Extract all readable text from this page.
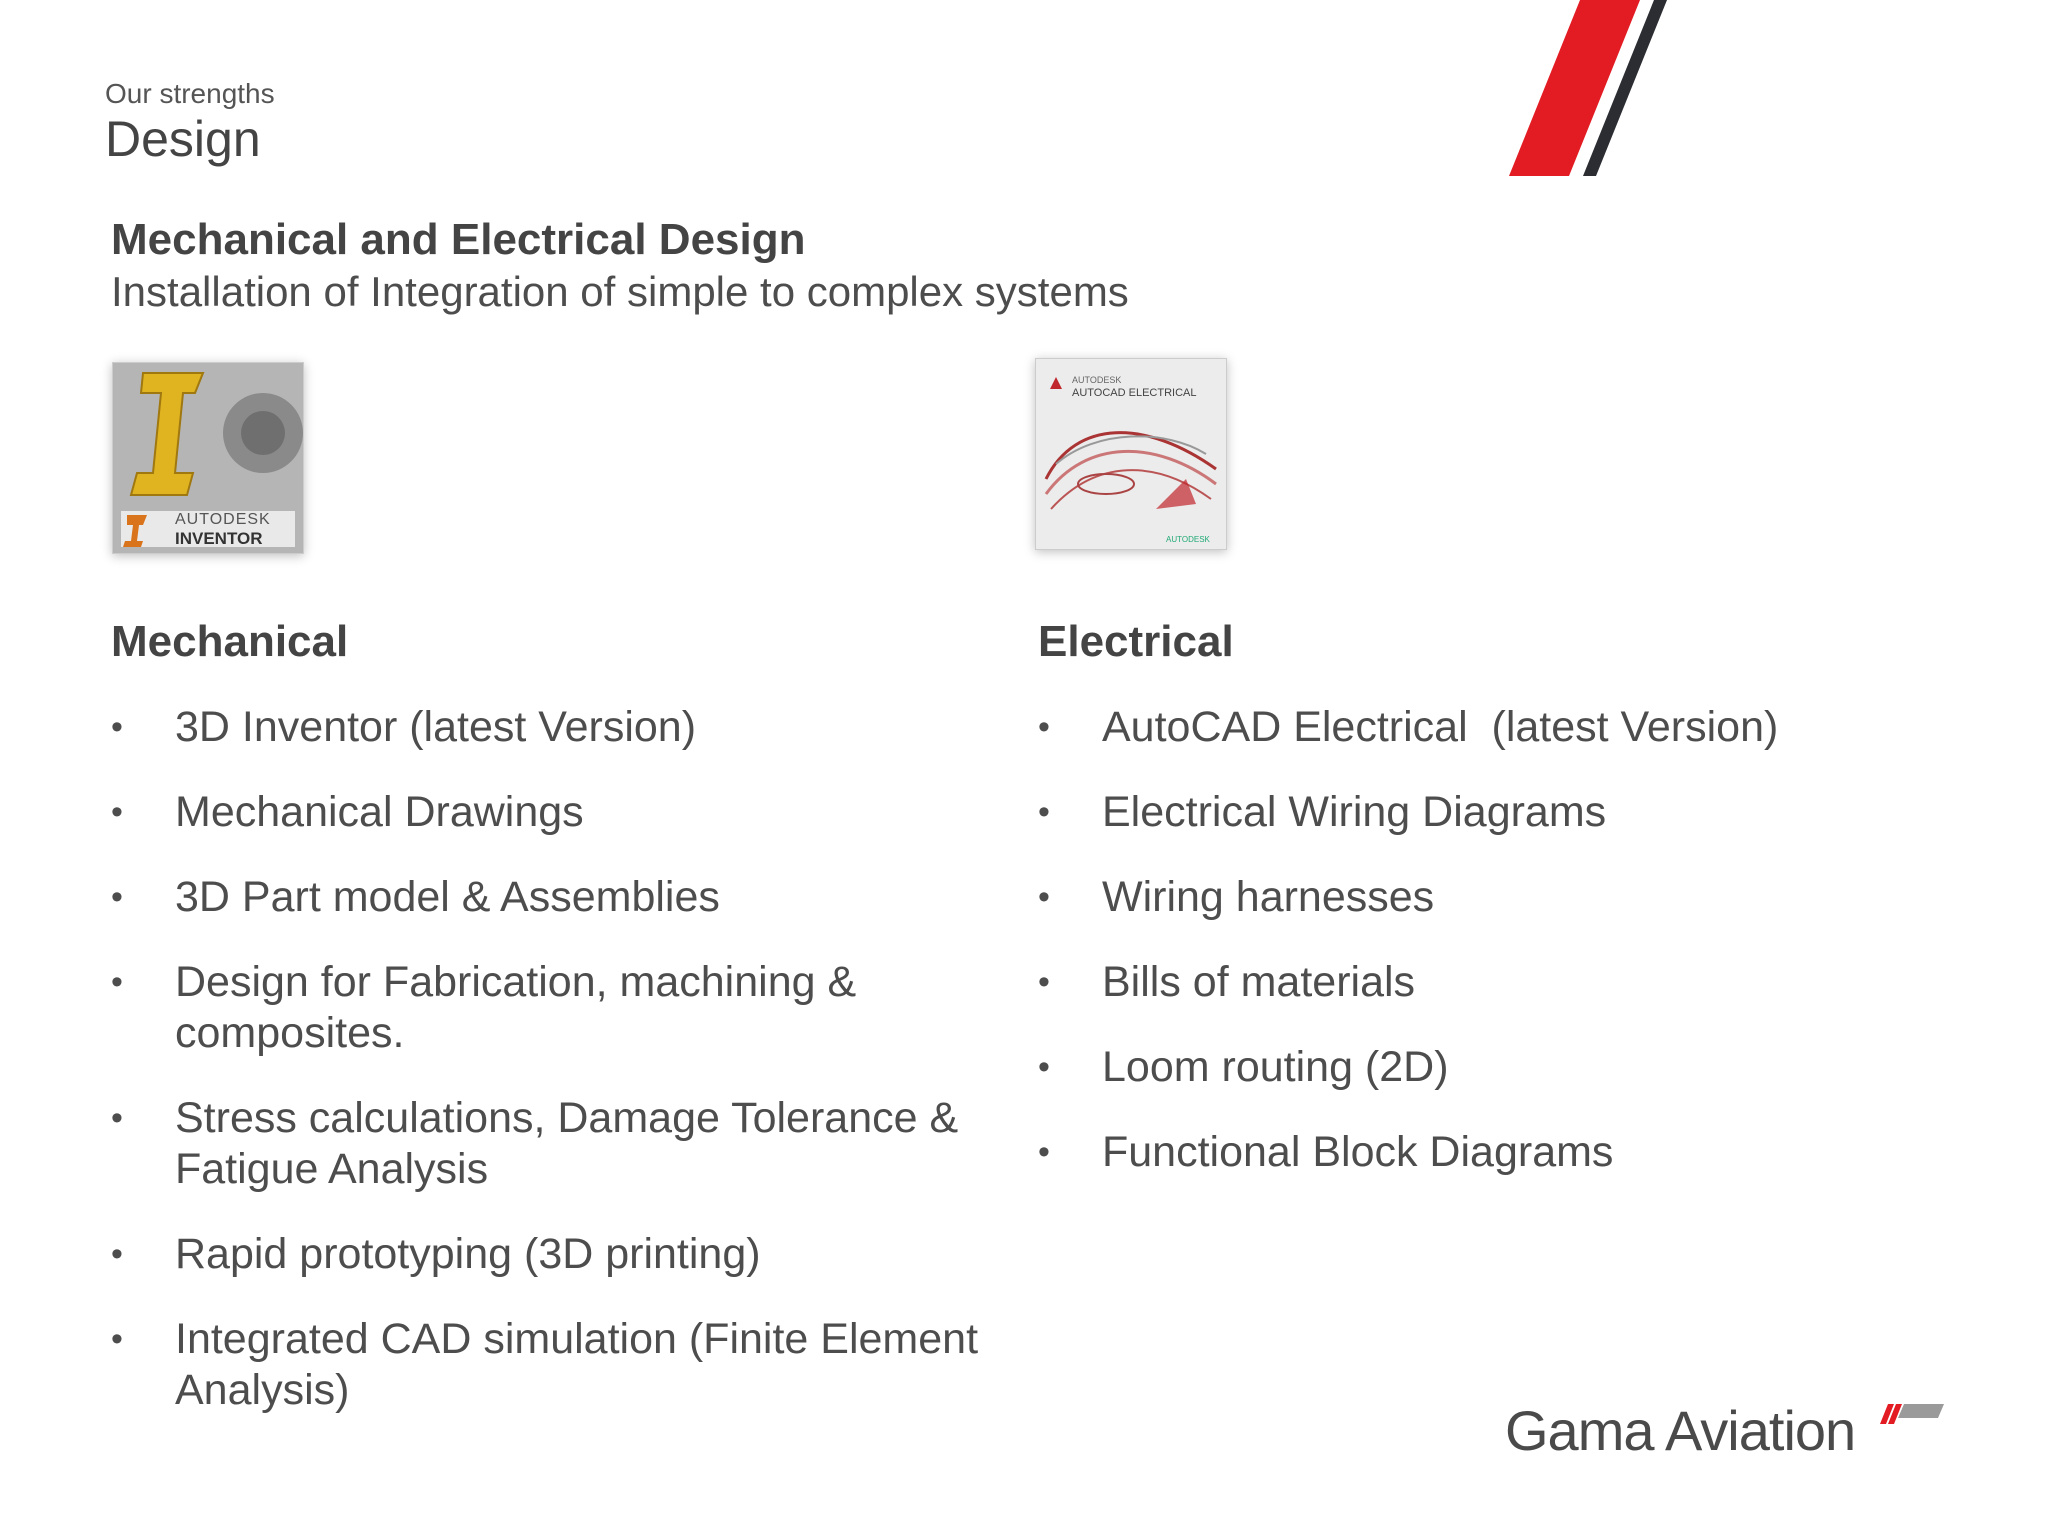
Our strengths
Design
Mechanical and Electrical Design
Installation of Integration of simple to complex systems
AUTODESK
INVENTOR
AUTODESK
AUTOCAD ELECTRICAL
AUTODESK
Mechanical	Electrical
• 3D Inventor (latest Version)
• Mechanical Drawings
• 3D Part model & Assemblies
• Design for Fabrication, machining & composites.
• Stress calculations, Damage Tolerance & Fatigue Analysis
• Rapid prototyping (3D printing)
• Integrated CAD simulation (Finite Element Analysis)
• AutoCAD Electrical  (latest Version)
• Electrical Wiring Diagrams
• Wiring harnesses
• Bills of materials
• Loom routing (2D)
• Functional Block Diagrams
Gama Aviation
